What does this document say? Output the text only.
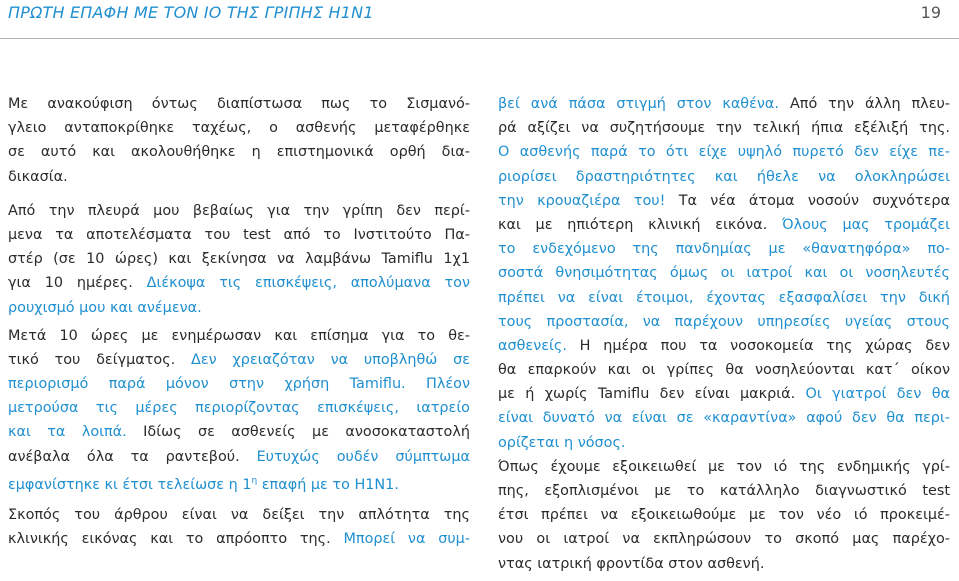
ΠΡΩΤΗ ΕΠΑΦΗ ΜΕ ΤΟΝ ΙΟ ΤΗΣ ΓΡΙΠΗΣ Η1Ν1	19
Με ανακούφιση όντως διαπίστωσα πως το Σισμανό-
γλειο ανταποκρίθηκε ταχέως, ο ασθενής μεταφέρθηκε
σε αυτό και ακολουθήθηκε η επιστημονικά ορθή δια-
δικασία.
Από την πλευρά μου βεβαίως για την γρίπη δεν περί-
μενα τα αποτελέσματα του test από το Ινστιτούτο Πα-
στέρ (σε 10 ώρες) και ξεκίνησα να λαμβάνω Tamiflu 1χ1
για 10 ημέρες. Διέκοψα τις επισκέψεις, απολύμανα τον
ρουχισμό μου και ανέμενα.
Μετά 10 ώρες με ενημέρωσαν και επίσημα για το θε-
τικό του δείγματος. Δεν χρειαζόταν να υποβληθώ σε
περιορισμό παρά μόνον στην χρήση Tamiflu. Πλέον
μετρούσα τις μέρες περιορίζοντας επισκέψεις, ιατρείο
και τα λοιπά. Ιδίως σε ασθενείς με ανοσοκαταστολή
ανέβαλα όλα τα ραντεβού. Ευτυχώς ουδέν σύμπτωμα
εμφανίστηκε κι έτσι τελείωσε η $1^\eta$ επαφή με το Η1Ν1.
Σκοπός του άρθρου είναι να δείξει την απλότητα της
κλινικής εικόνας και το απρόοπτο της. Μπορεί να συμ-
βεί ανά πάσα στιγμή στον καθένα. Από την άλλη πλευ-
ρά αξίζει να συζητήσουμε την τελική ήπια εξέλιξή της.
Ο ασθενής παρά το ότι είχε υψηλό πυρετό δεν είχε πε-
ριορίσει δραστηριότητες και ήθελε να ολοκληρώσει
την κρουαζιέρα του! Τα νέα άτομα νοσούν συχνότερα
και με ηπιότερη κλινική εικόνα. Όλους μας τρομάζει
το ενδεχόμενο της πανδημίας με «θανατηφόρα» πο-
σοστά θνησιμότητας όμως οι ιατροί και οι νοσηλευτές
πρέπει να είναι έτοιμοι, έχοντας εξασφαλίσει την δική
τους προστασία, να παρέχουν υπηρεσίες υγείας στους
ασθενείς. Η ημέρα που τα νοσοκομεία της χώρας δεν
θα επαρκούν και οι γρίπες θα νοσηλεύονται κατ΄ οίκον
με ή χωρίς Tamiflu δεν είναι μακριά. Οι γιατροί δεν θα
είναι δυνατό να είναι σε «καραντίνα» αφού δεν θα περι-
ορίζεται η νόσος.
Όπως έχουμε εξοικειωθεί με τον ιό της ενδημικής γρί-
πης, εξοπλισμένοι με το κατάλληλο διαγνωστικό test
έτσι πρέπει να εξοικειωθούμε με τον νέο ιό προκειμέ-
νου οι ιατροί να εκπληρώσουν το σκοπό μας παρέχο-
ντας ιατρική φροντίδα στον ασθενή.
